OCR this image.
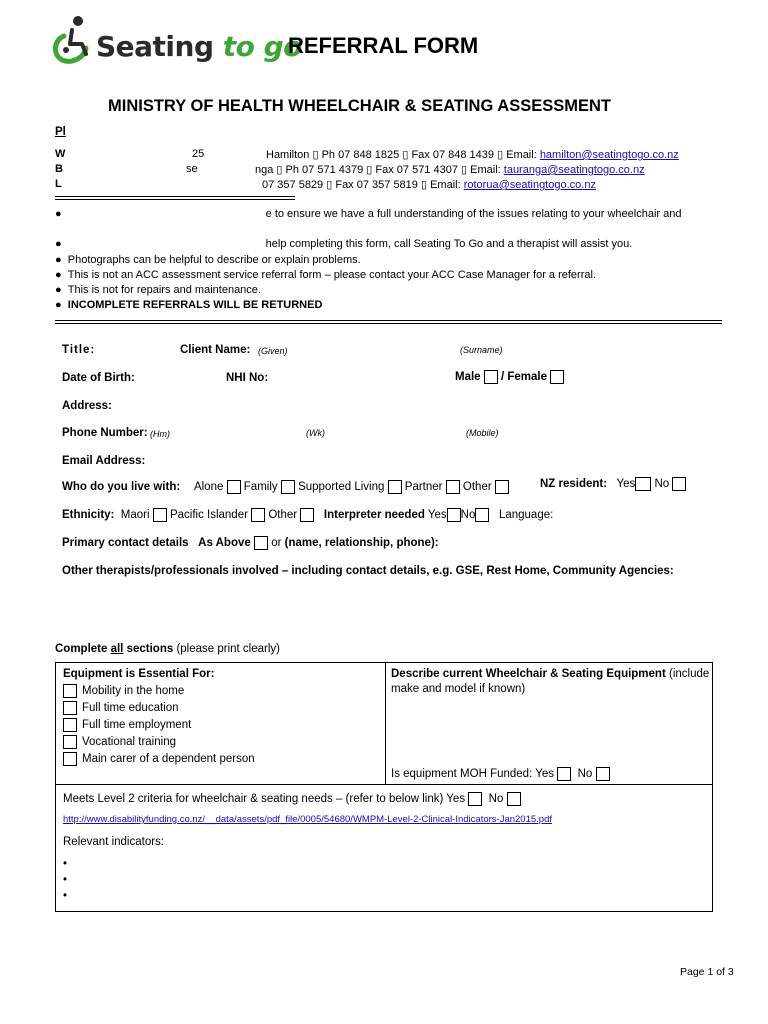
Seating to go
REFERRAL FORM
MINISTRY OF HEALTH WHEELCHAIR & SEATING ASSESSMENT
Pl
W	25	Hamilton ▯ Ph 07 848 1825 ▯ Fax 07 848 1439 ▯ Email: hamilton@seatingtogo.co.nz
B	se	nga ▯ Ph 07 571 4379 ▯ Fax 07 571 4307 ▯ Email: tauranga@seatingtogo.co.nz
L	07 357 5829 ▯ Fax 07 357 5819 ▯ Email: rotorua@seatingtogo.co.nz
●	e to ensure we have a full understanding of the issues relating to your wheelchair and
●	help completing this form, call Seating To Go and a therapist will assist you.
●  Photographs can be helpful to describe or explain problems.
●  This is not an ACC assessment service referral form – please contact your ACC Case Manager for a referral.
●  This is not for repairs and maintenance.
●  INCOMPLETE REFERRALS WILL BE RETURNED
Title:	Client Name: (Given)	(Surname)
Date of Birth:	NHI No:	Male / Female
Address:
Phone Number: (Hm)	(Wk)	(Mobile)
Email Address:
Who do you live with: Alone Family Supported Living Partner Other	NZ resident: Yes No
Ethnicity: Maori Pacific Islander Other Interpreter needed Yes No Language:
Primary contact details As Above or (name, relationship, phone):
Other therapists/professionals involved – including contact details, e.g. GSE, Rest Home, Community Agencies:
Complete all sections (please print clearly)
Equipment is Essential For:
Mobility in the home
Full time education
Full time employment
Vocational training
Main carer of a dependent person
Describe current Wheelchair & Seating Equipment (include
make and model if known)
Is equipment MOH Funded: Yes No
Meets Level 2 criteria for wheelchair & seating needs – (refer to below link) Yes No
http://www.disabilityfunding.co.nz/__data/assets/pdf_file/0005/54680/WMPM-Level-2-Clinical-Indicators-Jan2015.pdf
Relevant indicators:
•
•
•
Page 1 of 3
